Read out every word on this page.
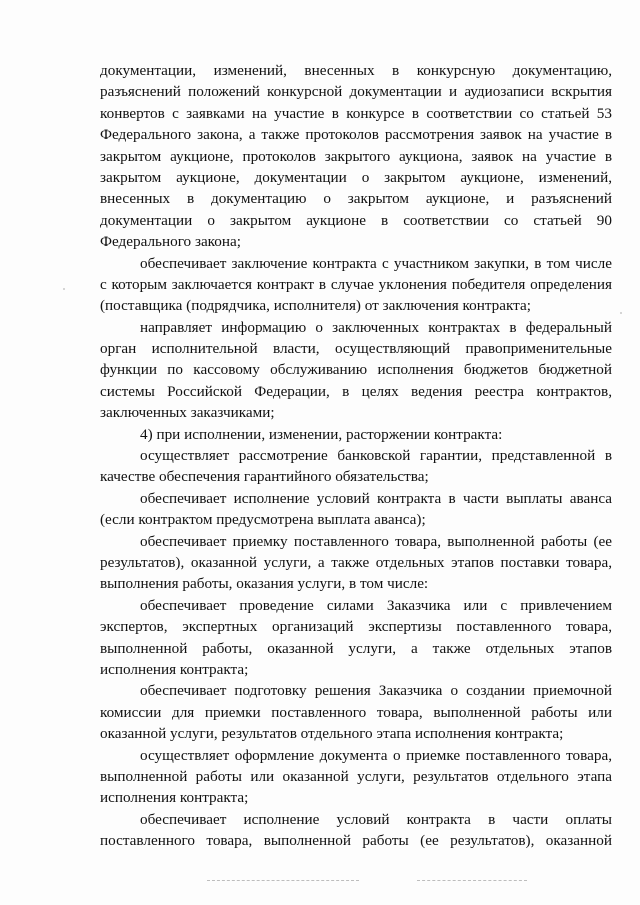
документации, изменений, внесенных в конкурсную документацию,
разъяснений положений конкурсной документации и аудиозаписи вскрытия
конвертов с заявками на участие в конкурсе в соответствии со статьей 53
Федерального закона, а также протоколов рассмотрения заявок на участие в
закрытом аукционе, протоколов закрытого аукциона, заявок на участие в
закрытом аукционе, документации о закрытом аукционе, изменений,
внесенных в документацию о закрытом аукционе, и разъяснений
документации о закрытом аукционе в соответствии со статьей 90
Федерального закона;
обеспечивает заключение контракта с участником закупки, в том числе
с которым заключается контракт в случае уклонения победителя определения
(поставщика (подрядчика, исполнителя) от заключения контракта;
направляет информацию о заключенных контрактах в федеральный
орган исполнительной власти, осуществляющий правоприменительные
функции по кассовому обслуживанию исполнения бюджетов бюджетной
системы Российской Федерации, в целях ведения реестра контрактов,
заключенных заказчиками;
4) при исполнении, изменении, расторжении контракта:
осуществляет рассмотрение банковской гарантии, представленной в
качестве обеспечения гарантийного обязательства;
обеспечивает исполнение условий контракта в части выплаты аванса
(если контрактом предусмотрена выплата аванса);
обеспечивает приемку поставленного товара, выполненной работы (ее
результатов), оказанной услуги, а также отдельных этапов поставки товара,
выполнения работы, оказания услуги, в том числе:
обеспечивает проведение силами Заказчика или с привлечением
экспертов, экспертных организаций экспертизы поставленного товара,
выполненной работы, оказанной услуги, а также отдельных этапов
исполнения контракта;
обеспечивает подготовку решения Заказчика о создании приемочной
комиссии для приемки поставленного товара, выполненной работы или
оказанной услуги, результатов отдельного этапа исполнения контракта;
осуществляет оформление документа о приемке поставленного товара,
выполненной работы или оказанной услуги, результатов отдельного этапа
исполнения контракта;
обеспечивает исполнение условий контракта в части оплаты
поставленного товара, выполненной работы (ее результатов), оказанной
